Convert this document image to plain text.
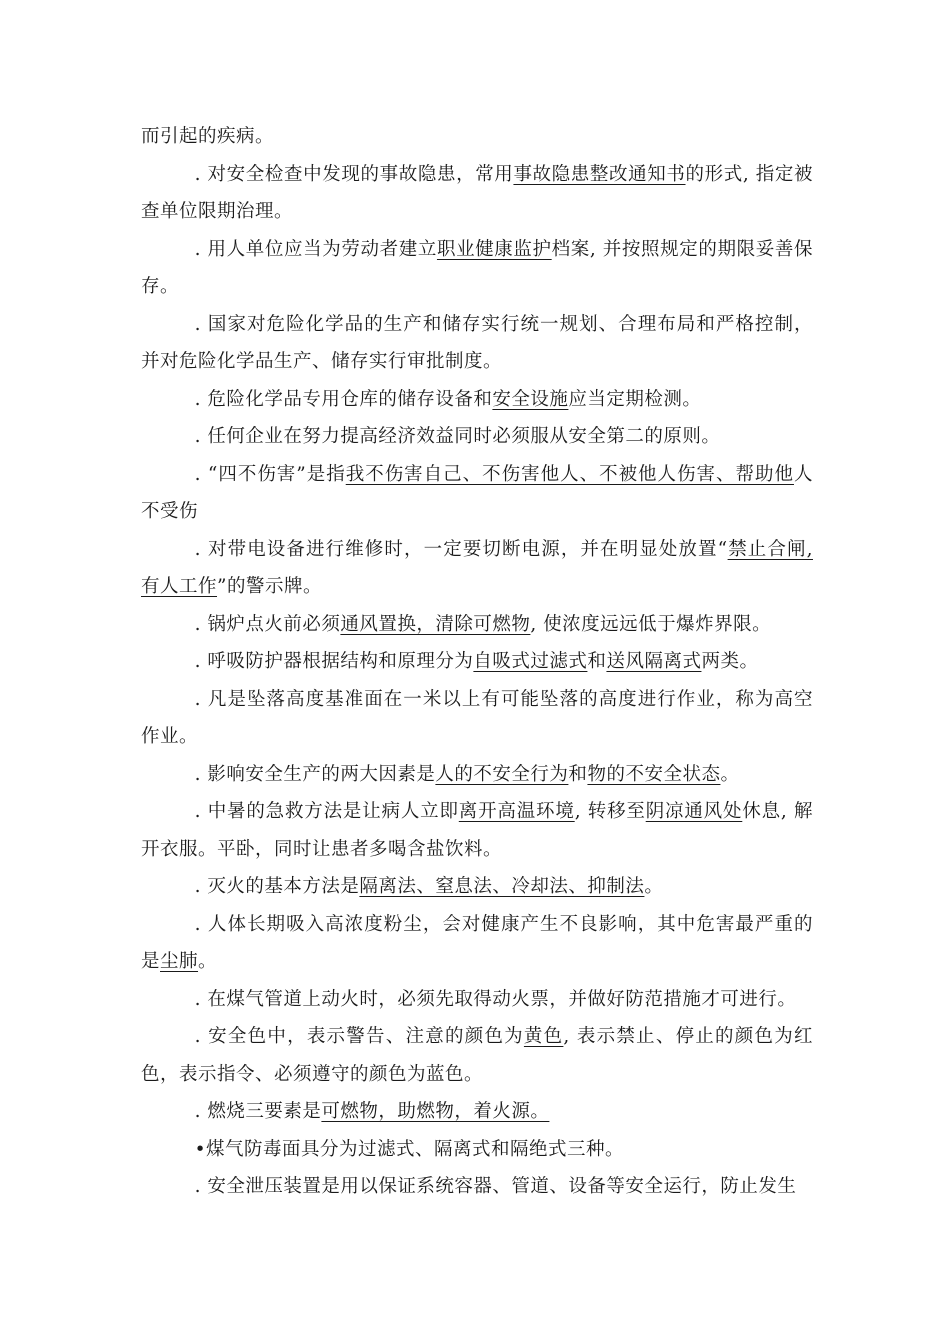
而引起的疾病。

. 对安全检查中发现的事故隐患，常用事故隐患整改通知书的形式, 指定被查单位限期治理。

. 用人单位应当为劳动者建立职业健康监护档案, 并按照规定的期限妥善保存。

. 国家对危险化学品的生产和储存实行统一规划、合理布局和严格控制，并对危险化学品生产、储存实行审批制度。

. 危险化学品专用仓库的储存设备和安全设施应当定期检测。

. 任何企业在努力提高经济效益同时必须服从安全第二的原则。

. “四不伤害”是指我不伤害自己、不伤害他人、不被他人伤害、帮助他人不受伤

. 对带电设备进行维修时，一定要切断电源，并在明显处放置“禁止合闸, 有人工作”的警示牌。

. 锅炉点火前必须通风置换，清除可燃物, 使浓度远远低于爆炸界限。

. 呼吸防护器根据结构和原理分为自吸式过滤式和送风隔离式两类。

. 凡是坠落高度基准面在一米以上有可能坠落的高度进行作业，称为高空作业。

. 影响安全生产的两大因素是人的不安全行为和物的不安全状态。

. 中暑的急救方法是让病人立即离开高温环境, 转移至阴凉通风处休息, 解开衣服。平卧，同时让患者多喝含盐饮料。

. 灭火的基本方法是隔离法、窒息法、冷却法、抑制法。

. 人体长期吸入高浓度粉尘，会对健康产生不良影响，其中危害最严重的是尘肺。

. 在煤气管道上动火时，必须先取得动火票，并做好防范措施才可进行。

. 安全色中，表示警告、注意的颜色为黄色, 表示禁止、停止的颜色为红色，表示指令、必须遵守的颜色为蓝色。

. 燃烧三要素是可燃物，助燃物，着火源。

•煤气防毒面具分为过滤式、隔离式和隔绝式三种。

. 安全泄压装置是用以保证系统容器、管道、设备等安全运行，防止发生
